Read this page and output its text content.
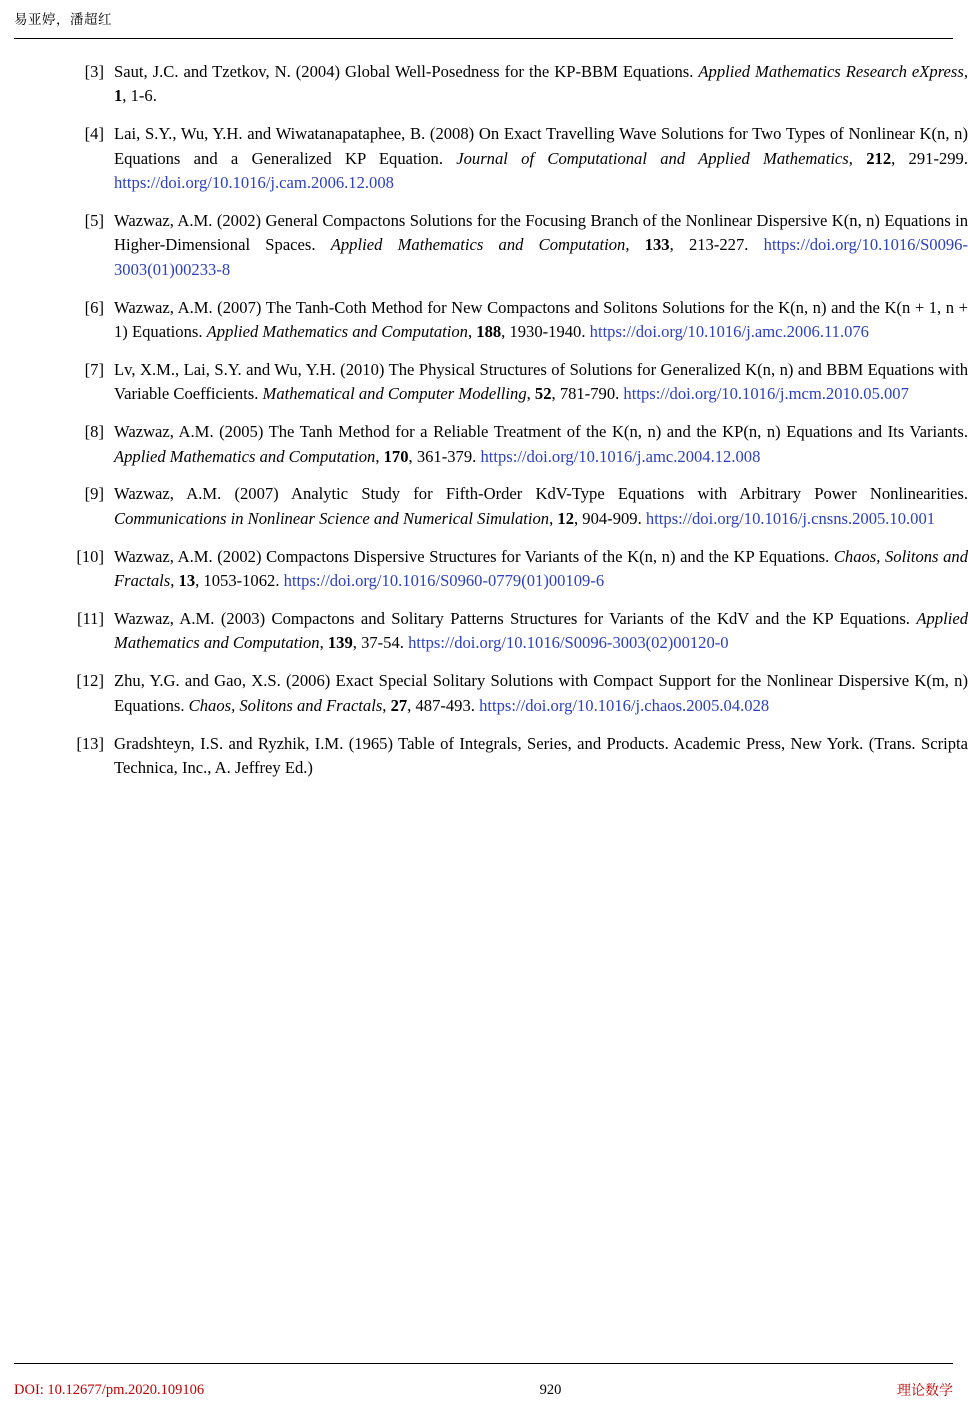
易亚婷，潘超红
[3] Saut, J.C. and Tzetkov, N. (2004) Global Well-Posedness for the KP-BBM Equations. Applied Mathematics Research eXpress, 1, 1-6.
[4] Lai, S.Y., Wu, Y.H. and Wiwatanapataphee, B. (2008) On Exact Travelling Wave Solutions for Two Types of Nonlinear K(n, n) Equations and a Generalized KP Equation. Journal of Computational and Applied Mathematics, 212, 291-299. https://doi.org/10.1016/j.cam.2006.12.008
[5] Wazwaz, A.M. (2002) General Compactons Solutions for the Focusing Branch of the Nonlinear Dispersive K(n, n) Equations in Higher-Dimensional Spaces. Applied Mathematics and Computation, 133, 213-227. https://doi.org/10.1016/S0096-3003(01)00233-8
[6] Wazwaz, A.M. (2007) The Tanh-Coth Method for New Compactons and Solitons Solutions for the K(n, n) and the K(n + 1, n + 1) Equations. Applied Mathematics and Computation, 188, 1930-1940. https://doi.org/10.1016/j.amc.2006.11.076
[7] Lv, X.M., Lai, S.Y. and Wu, Y.H. (2010) The Physical Structures of Solutions for Generalized K(n, n) and BBM Equations with Variable Coefficients. Mathematical and Computer Modelling, 52, 781-790. https://doi.org/10.1016/j.mcm.2010.05.007
[8] Wazwaz, A.M. (2005) The Tanh Method for a Reliable Treatment of the K(n, n) and the KP(n, n) Equations and Its Variants. Applied Mathematics and Computation, 170, 361-379. https://doi.org/10.1016/j.amc.2004.12.008
[9] Wazwaz, A.M. (2007) Analytic Study for Fifth-Order KdV-Type Equations with Arbitrary Power Nonlinearities. Communications in Nonlinear Science and Numerical Simulation, 12, 904-909. https://doi.org/10.1016/j.cnsns.2005.10.001
[10] Wazwaz, A.M. (2002) Compactons Dispersive Structures for Variants of the K(n, n) and the KP Equations. Chaos, Solitons and Fractals, 13, 1053-1062. https://doi.org/10.1016/S0960-0779(01)00109-6
[11] Wazwaz, A.M. (2003) Compactons and Solitary Patterns Structures for Variants of the KdV and the KP Equations. Applied Mathematics and Computation, 139, 37-54. https://doi.org/10.1016/S0096-3003(02)00120-0
[12] Zhu, Y.G. and Gao, X.S. (2006) Exact Special Solitary Solutions with Compact Support for the Nonlinear Dispersive K(m, n) Equations. Chaos, Solitons and Fractals, 27, 487-493. https://doi.org/10.1016/j.chaos.2005.04.028
[13] Gradshteyn, I.S. and Ryzhik, I.M. (1965) Table of Integrals, Series, and Products. Academic Press, New York. (Trans. Scripta Technica, Inc., A. Jeffrey Ed.)
DOI: 10.12677/pm.2020.109106	920	理论数学
